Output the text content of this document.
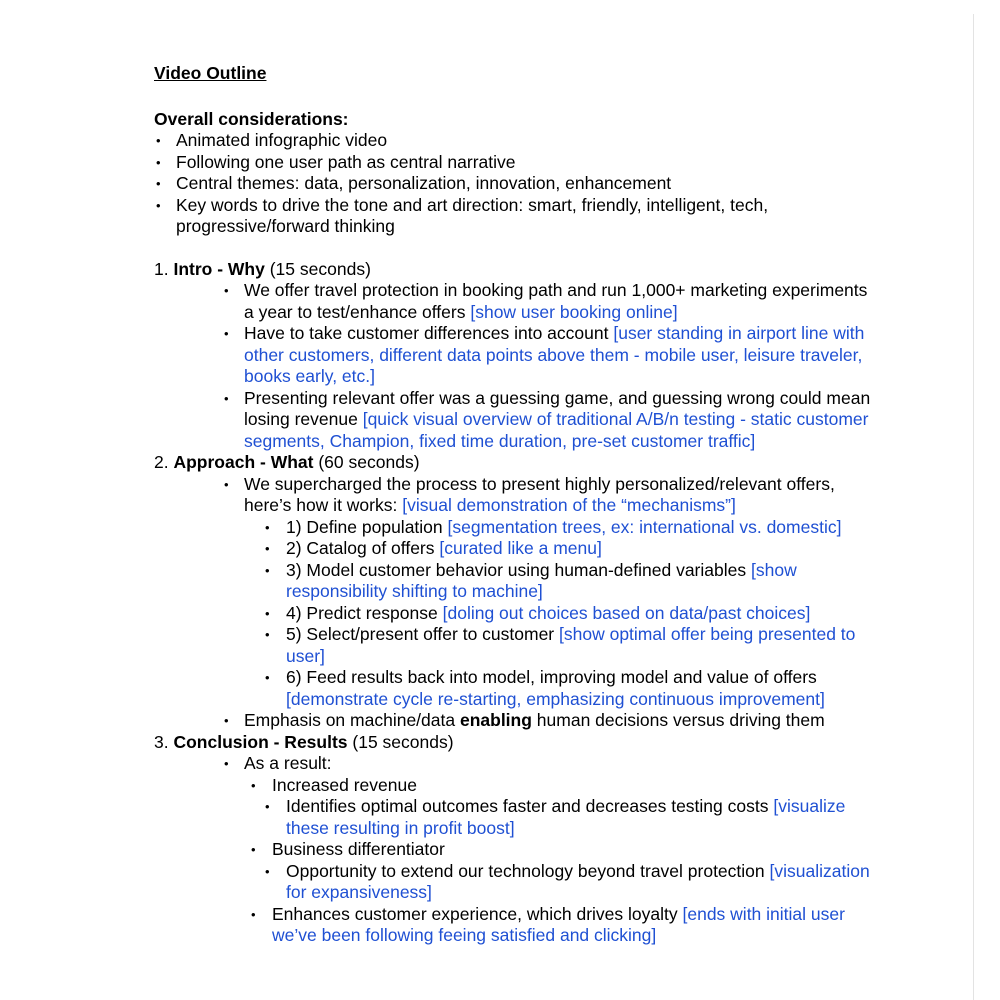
Video Outline
Overall considerations:
• Animated infographic video
• Following one user path as central narrative
• Central themes: data, personalization, innovation, enhancement
• Key words to drive the tone and art direction: smart, friendly, intelligent, tech, progressive/forward thinking
1. Intro - Why (15 seconds)
• We offer travel protection in booking path and run 1,000+ marketing experiments a year to test/enhance offers [show user booking online]
• Have to take customer differences into account [user standing in airport line with other customers, different data points above them - mobile user, leisure traveler, books early, etc.]
• Presenting relevant offer was a guessing game, and guessing wrong could mean losing revenue [quick visual overview of traditional A/B/n testing - static customer segments, Champion, fixed time duration, pre-set customer traffic]
2. Approach - What (60 seconds)
• We supercharged the process to present highly personalized/relevant offers, here’s how it works: [visual demonstration of the “mechanisms”]
• 1) Define population [segmentation trees, ex: international vs. domestic]
• 2) Catalog of offers [curated like a menu]
• 3) Model customer behavior using human-defined variables [show responsibility shifting to machine]
• 4) Predict response [doling out choices based on data/past choices]
• 5) Select/present offer to customer [show optimal offer being presented to user]
• 6) Feed results back into model, improving model and value of offers [demonstrate cycle re-starting, emphasizing continuous improvement]
• Emphasis on machine/data enabling human decisions versus driving them
3. Conclusion - Results (15 seconds)
• As a result:
• Increased revenue
• Identifies optimal outcomes faster and decreases testing costs [visualize these resulting in profit boost]
• Business differentiator
• Opportunity to extend our technology beyond travel protection [visualization for expansiveness]
• Enhances customer experience, which drives loyalty [ends with initial user we’ve been following feeing satisfied and clicking]
